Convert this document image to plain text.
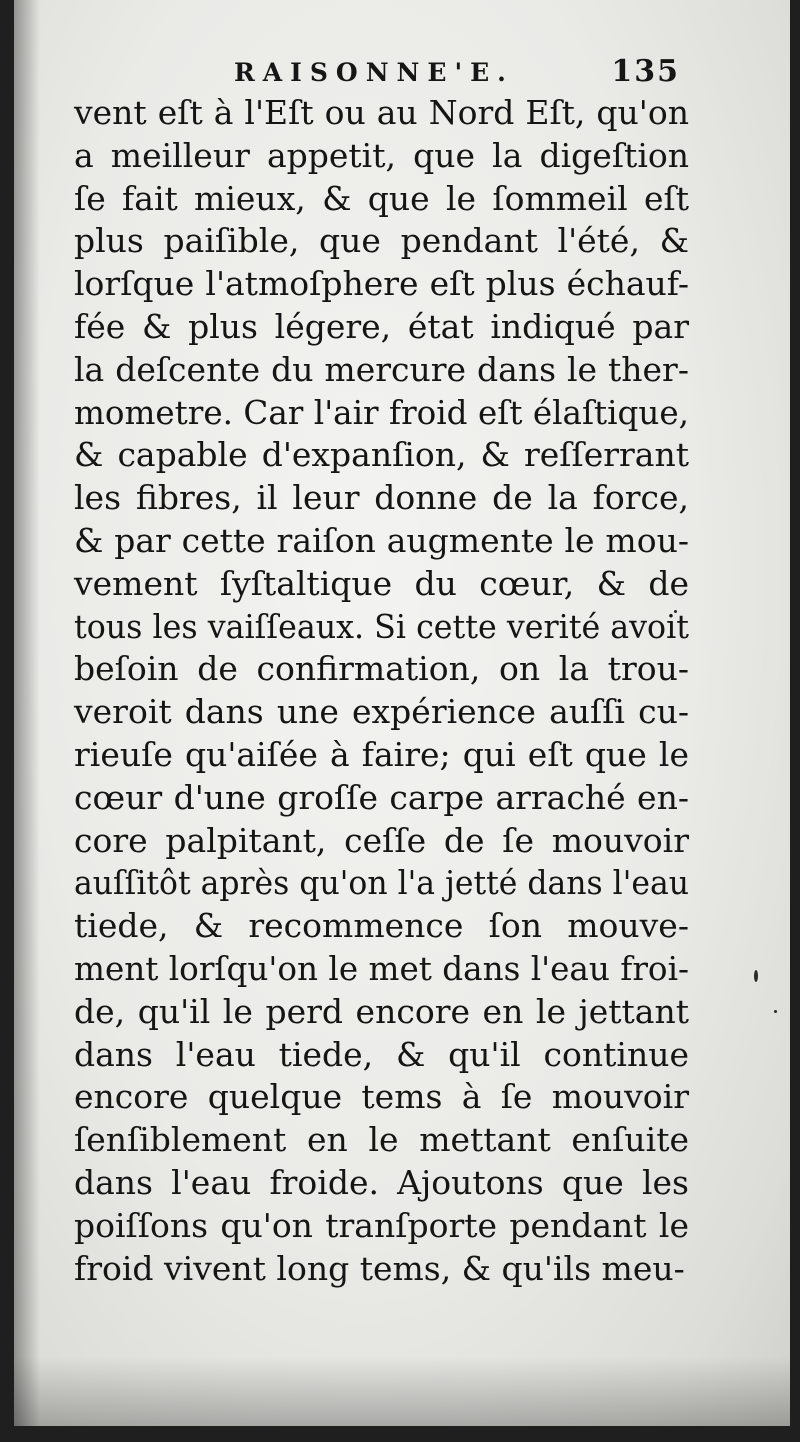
RAISONNE'E.	135
vent eſt à l'Eſt ou au Nord Eſt, qu'on
a meilleur appetit, que la digeſtion
ſe fait mieux, & que le ſommeil eſt
plus paiſible, que pendant l'été, &
lorſque l'atmoſphere eſt plus échauf-
fée & plus légere, état indiqué par
la deſcente du mercure dans le ther-
mometre. Car l'air froid eſt élaſtique,
& capable d'expanſion, & reſſerrant
les fibres, il leur donne de la force,
& par cette raiſon augmente le mou-
vement ſyſtaltique du cœur, & de
tous les vaiſſeaux. Si cette verité avoit
beſoin de confirmation, on la trou-
veroit dans une expérience auſſi cu-
rieuſe qu'aiſée à faire; qui eſt que le
cœur d'une groſſe carpe arraché en-
core palpitant, ceſſe de ſe mouvoir
auſſitôt après qu'on l'a jetté dans l'eau
tiede, & recommence ſon mouve-
ment lorſqu'on le met dans l'eau froi-
de, qu'il le perd encore en le jettant
dans l'eau tiede, & qu'il continue
encore quelque tems à ſe mouvoir
ſenſiblement en le mettant enſuite
dans l'eau froide. Ajoutons que les
poiſſons qu'on tranſporte pendant le
froid vivent long tems, & qu'ils meu-
